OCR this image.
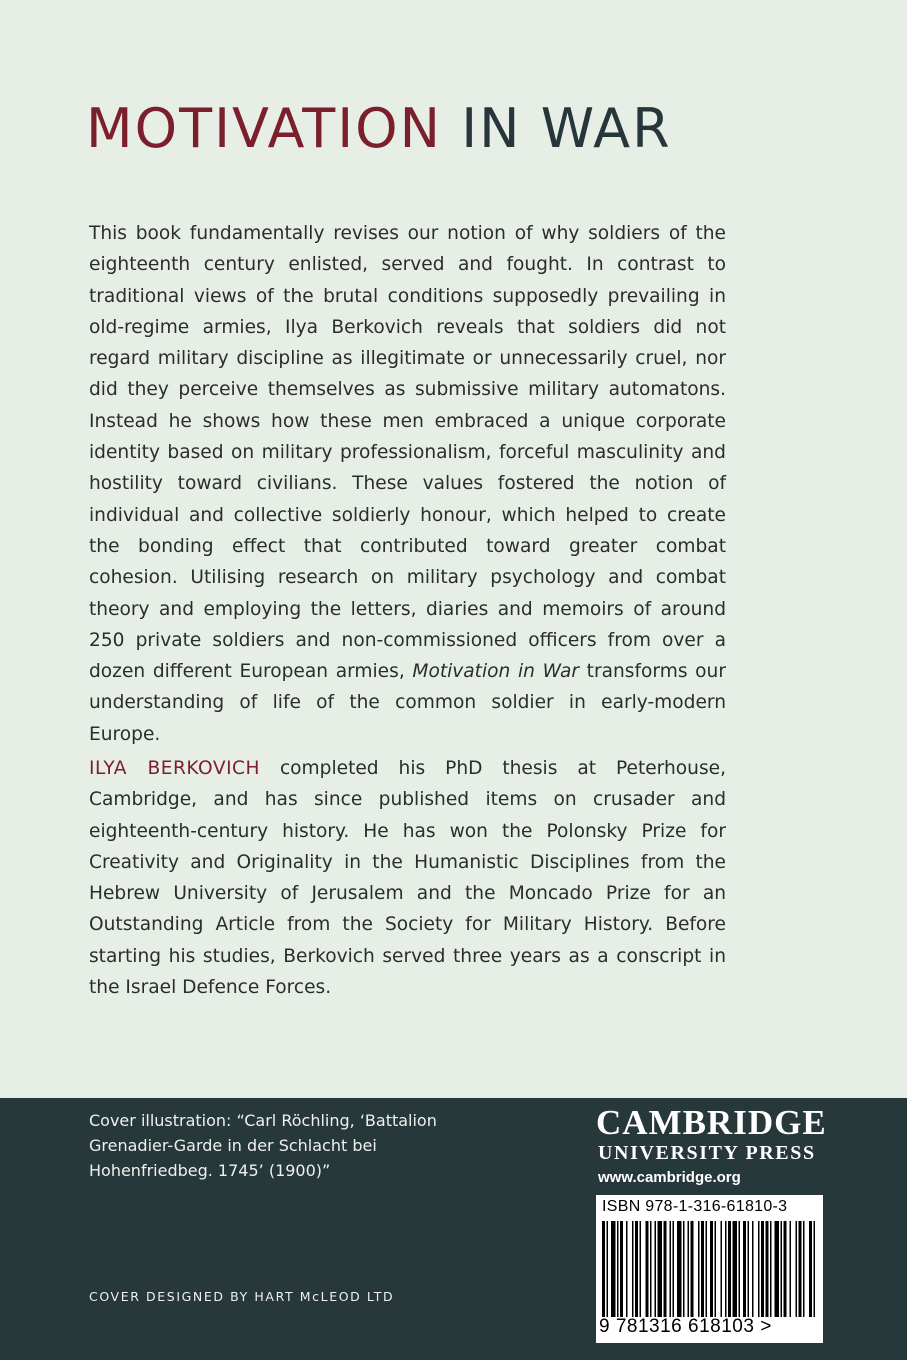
MOTIVATION IN WAR

This book fundamentally revises our notion of why soldiers of the eighteenth century enlisted, served and fought. In contrast to traditional views of the brutal conditions supposedly prevailing in old-regime armies, Ilya Berkovich reveals that soldiers did not regard military discipline as illegitimate or unnecessarily cruel, nor did they perceive themselves as submissive military automatons. Instead he shows how these men embraced a unique corporate identity based on military professionalism, forceful masculinity and hostility toward civilians. These values fostered the notion of individual and collective soldierly honour, which helped to create the bonding effect that contributed toward greater combat cohesion. Utilising research on military psychology and combat theory and employing the letters, diaries and memoirs of around 250 private soldiers and non-commissioned officers from over a dozen different European armies, Motivation in War transforms our understanding of life of the common soldier in early-modern Europe.

ILYA BERKOVICH completed his PhD thesis at Peterhouse, Cambridge, and has since published items on crusader and eighteenth-century history. He has won the Polonsky Prize for Creativity and Originality in the Humanistic Disciplines from the Hebrew University of Jerusalem and the Moncado Prize for an Outstanding Article from the Society for Military History. Before starting his studies, Berkovich served three years as a conscript in the Israel Defence Forces.

Cover illustration: “Carl Röchling, ‘Battalion
Grenadier-Garde in der Schlacht bei
Hohenfriedbeg. 1745’ (1900)”
COVER DESIGNED BY HART McLEOD LTD
CAMBRIDGE
UNIVERSITY PRESS
www.cambridge.org
ISBN 978-1-316-61810-3
9 781316 618103 >
